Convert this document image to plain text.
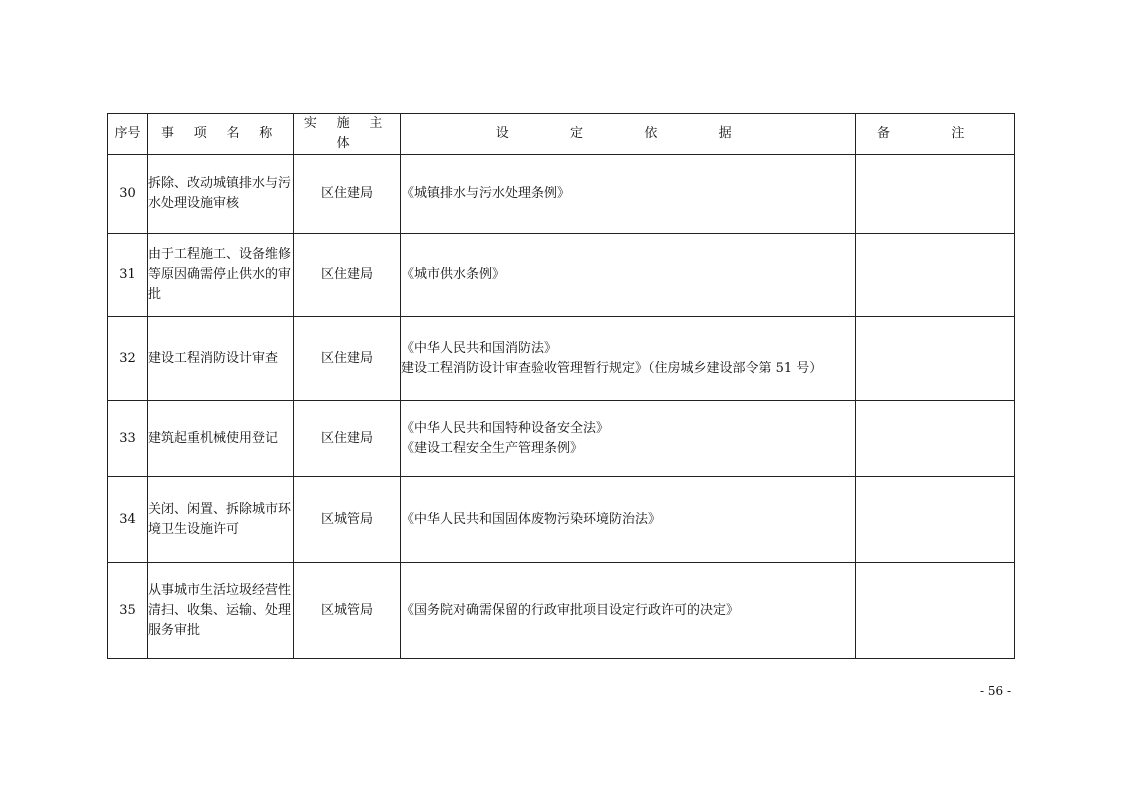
序号	事 项 名 称	实 施 主 体	设 定 依 据	备 注
30	拆除、改动城镇排水与污水处理设施审核	区住建局	《城镇排水与污水处理条例》	

31	由于工程施工、设备维修等原因确需停止供水的审批	区住建局	《城市供水条例》	

32	建设工程消防设计审查	区住建局	《中华人民共和国消防法》
建设工程消防设计审查验收管理暂行规定》（住房城乡建设部令第 51 号）	

33	建筑起重机械使用登记	区住建局	《中华人民共和国特种设备安全法》
《建设工程安全生产管理条例》	

34	关闭、闲置、拆除城市环境卫生设施许可	区城管局	《中华人民共和国固体废物污染环境防治法》	

35	从事城市生活垃圾经营性清扫、收集、运输、处理服务审批	区城管局	《国务院对确需保留的行政审批项目设定行政许可的决定》	

- 56 -
